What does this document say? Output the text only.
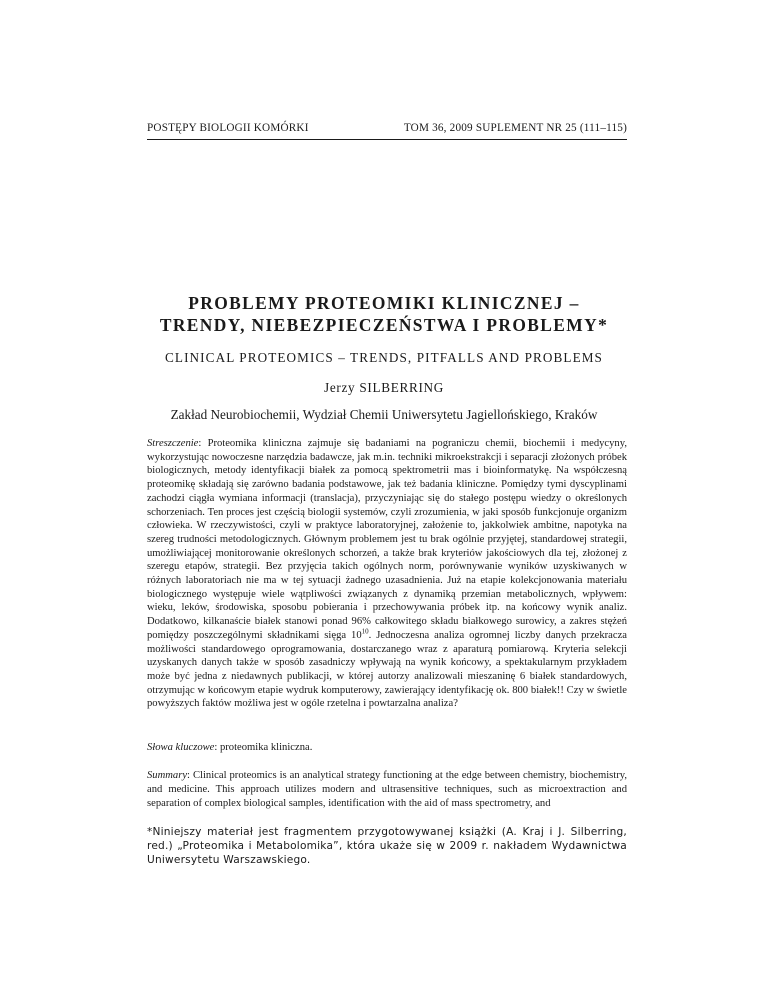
POSTĘPY BIOLOGII KOMÓRKI	TOM 36, 2009 SUPLEMENT NR 25 (111–115)
PROBLEMY PROTEOMIKI KLINICZNEJ –
TRENDY, NIEBEZPIECZEŃSTWA I PROBLEMY*
CLINICAL PROTEOMICS – TRENDS, PITFALLS AND PROBLEMS
Jerzy SILBERRING
Zakład Neurobiochemii, Wydział Chemii Uniwersytetu Jagiellońskiego, Kraków
Streszczenie: Proteomika kliniczna zajmuje się badaniami na pograniczu chemii, biochemii i medycyny, wykorzystując nowoczesne narzędzia badawcze, jak m.in. techniki mikroekstrakcji i separacji złożonych próbek biologicznych, metody identyfikacji białek za pomocą spektrometrii mas i bioinformatykę. Na współczesną proteomikę składają się zarówno badania podstawowe, jak też badania kliniczne. Pomiędzy tymi dyscyplinami zachodzi ciągła wymiana informacji (translacja), przyczyniając się do stałego postępu wiedzy o określonych schorzeniach. Ten proces jest częścią biologii systemów, czyli zrozumienia, w jaki sposób funkcjonuje organizm człowieka. W rzeczywistości, czyli w praktyce laboratoryjnej, założenie to, jakkolwiek ambitne, napotyka na szereg trudności metodologicznych. Głównym problemem jest tu brak ogólnie przyjętej, standardowej strategii, umożliwiającej monitorowanie określonych schorzeń, a także brak kryteriów jakościowych dla tej, złożonej z szeregu etapów, strategii. Bez przyjęcia takich ogólnych norm, porównywanie wyników uzyskiwanych w różnych laboratoriach nie ma w tej sytuacji żadnego uzasadnienia. Już na etapie kolekcjonowania materiału biologicznego występuje wiele wątpliwości związanych z dynamiką przemian metabolicznych, wpływem: wieku, leków, środowiska, sposobu pobierania i przechowywania próbek itp. na końcowy wynik analiz. Dodatkowo, kilkanaście białek stanowi ponad 96% całkowitego składu białkowego surowicy, a zakres stężeń pomiędzy poszczególnymi składnikami sięga $10^{10}$. Jednoczesna analiza ogromnej liczby danych przekracza możliwości standardowego oprogramowania, dostarczanego wraz z aparaturą pomiarową. Kryteria selekcji uzyskanych danych także w sposób zasadniczy wpływają na wynik końcowy, a spektakularnym przykładem może być jedna z niedawnych publikacji, w której autorzy analizowali mieszaninę 6 białek standardowych, otrzymując w końcowym etapie wydruk komputerowy, zawierający identyfikację ok. 800 białek!! Czy w świetle powyższych faktów możliwa jest w ogóle rzetelna i powtarzalna analiza?
Słowa kluczowe: proteomika kliniczna.
Summary: Clinical proteomics is an analytical strategy functioning at the edge between chemistry, biochemistry, and medicine. This approach utilizes modern and ultrasensitive techniques, such as microextraction and separation of complex biological samples, identification with the aid of mass spectrometry, and
*Niniejszy materiał jest fragmentem przygotowywanej książki (A. Kraj i J. Silberring, red.) „Proteomika i Metabolomika”, która ukaże się w 2009 r. nakładem Wydawnictwa Uniwersytetu Warszawskiego.
